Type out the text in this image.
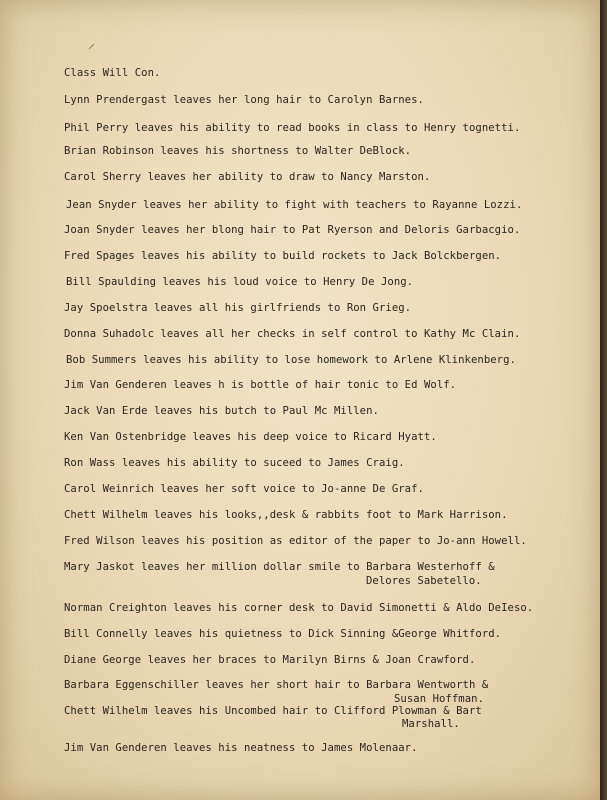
⸝
Class Will Con.
Lynn Prendergast leaves her long hair to Carolyn Barnes.
Phil Perry leaves his ability to read books in class to Henry tognetti.
Brian Robinson leaves his shortness to Walter DeBlock.
Carol Sherry leaves her ability to draw to Nancy Marston.
Jean Snyder leaves her ability to fight with teachers to Rayanne Lozzi.
Joan Snyder leaves her blong hair to Pat Ryerson and Deloris Garbacgio.
Fred Spages leaves his ability to build rockets to Jack Bolckbergen.
Bill Spaulding leaves his loud voice to Henry De Jong.
Jay Spoelstra leaves all his girlfriends to Ron Grieg.
Donna Suhadolc leaves all her checks in self control to Kathy Mc Clain.
Bob Summers leaves his ability to lose homework to Arlene Klinkenberg.
Jim Van Genderen leaves h is bottle of hair tonic to Ed Wolf.
Jack Van Erde leaves his butch to Paul Mc Millen.
Ken Van Ostenbridge leaves his deep voice to Ricard Hyatt.
Ron Wass leaves his ability to suceed to James Craig.
Carol Weinrich leaves her soft voice to Jo-anne De Graf.
Chett Wilhelm leaves his looks,,desk & rabbits foot to Mark Harrison.
Fred Wilson leaves his position as editor of the paper to Jo-ann Howell.
Mary Jaskot leaves her million dollar smile to Barbara Westerhoff &
Delores Sabetello.
Norman Creighton leaves his corner desk to David Simonetti & Aldo DeIeso.
Bill Connelly leaves his quietness to Dick Sinning &George Whitford.
Diane George leaves her braces to Marilyn Birns & Joan Crawford.
Barbara Eggenschiller leaves her short hair to Barbara Wentworth &
Susan Hoffman.
Chett Wilhelm leaves his Uncombed hair to Clifford Plowman & Bart
Marshall.
Jim Van Genderen leaves his neatness to James Molenaar.
